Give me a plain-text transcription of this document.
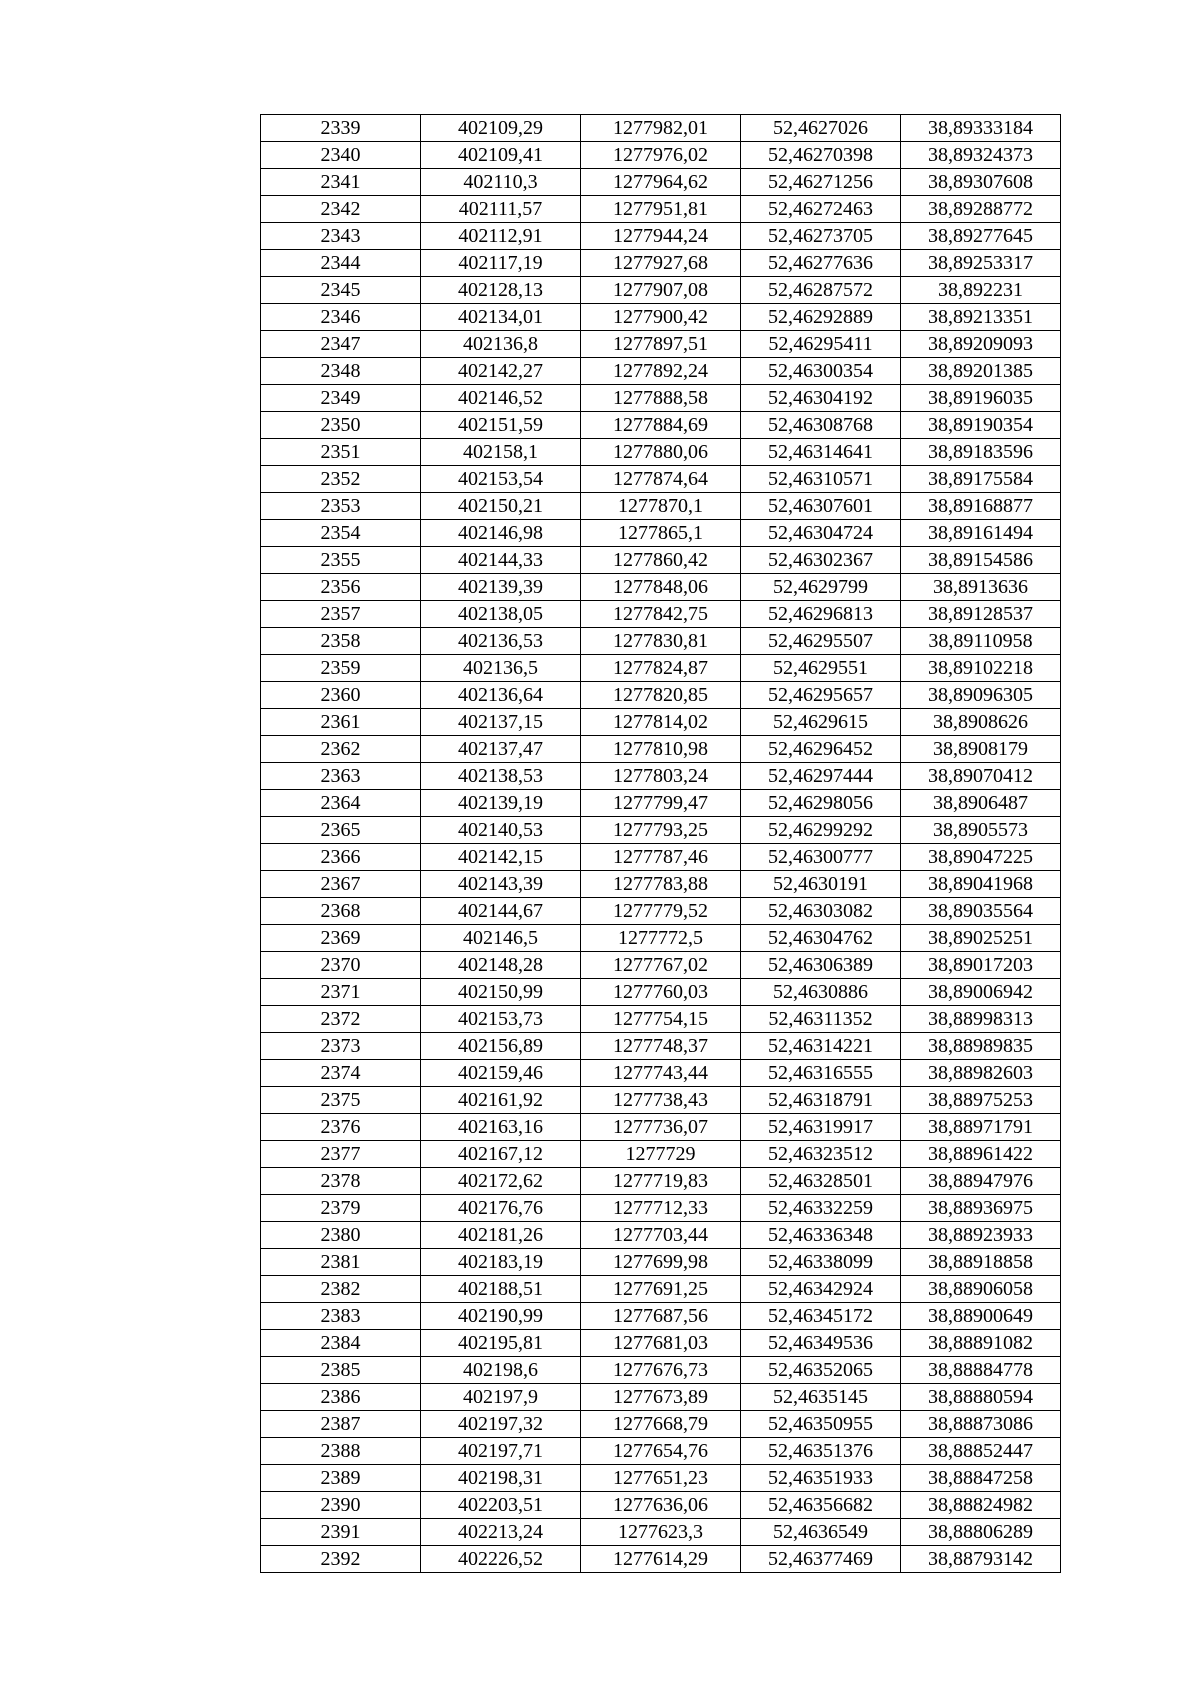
2339	402109,29	1277982,01	52,4627026	38,89333184
2340	402109,41	1277976,02	52,46270398	38,89324373
2341	402110,3	1277964,62	52,46271256	38,89307608
2342	402111,57	1277951,81	52,46272463	38,89288772
2343	402112,91	1277944,24	52,46273705	38,89277645
2344	402117,19	1277927,68	52,46277636	38,89253317
2345	402128,13	1277907,08	52,46287572	38,892231
2346	402134,01	1277900,42	52,46292889	38,89213351
2347	402136,8	1277897,51	52,46295411	38,89209093
2348	402142,27	1277892,24	52,46300354	38,89201385
2349	402146,52	1277888,58	52,46304192	38,89196035
2350	402151,59	1277884,69	52,46308768	38,89190354
2351	402158,1	1277880,06	52,46314641	38,89183596
2352	402153,54	1277874,64	52,46310571	38,89175584
2353	402150,21	1277870,1	52,46307601	38,89168877
2354	402146,98	1277865,1	52,46304724	38,89161494
2355	402144,33	1277860,42	52,46302367	38,89154586
2356	402139,39	1277848,06	52,4629799	38,8913636
2357	402138,05	1277842,75	52,46296813	38,89128537
2358	402136,53	1277830,81	52,46295507	38,89110958
2359	402136,5	1277824,87	52,4629551	38,89102218
2360	402136,64	1277820,85	52,46295657	38,89096305
2361	402137,15	1277814,02	52,4629615	38,8908626
2362	402137,47	1277810,98	52,46296452	38,8908179
2363	402138,53	1277803,24	52,46297444	38,89070412
2364	402139,19	1277799,47	52,46298056	38,8906487
2365	402140,53	1277793,25	52,46299292	38,8905573
2366	402142,15	1277787,46	52,46300777	38,89047225
2367	402143,39	1277783,88	52,4630191	38,89041968
2368	402144,67	1277779,52	52,46303082	38,89035564
2369	402146,5	1277772,5	52,46304762	38,89025251
2370	402148,28	1277767,02	52,46306389	38,89017203
2371	402150,99	1277760,03	52,4630886	38,89006942
2372	402153,73	1277754,15	52,46311352	38,88998313
2373	402156,89	1277748,37	52,46314221	38,88989835
2374	402159,46	1277743,44	52,46316555	38,88982603
2375	402161,92	1277738,43	52,46318791	38,88975253
2376	402163,16	1277736,07	52,46319917	38,88971791
2377	402167,12	1277729	52,46323512	38,88961422
2378	402172,62	1277719,83	52,46328501	38,88947976
2379	402176,76	1277712,33	52,46332259	38,88936975
2380	402181,26	1277703,44	52,46336348	38,88923933
2381	402183,19	1277699,98	52,46338099	38,88918858
2382	402188,51	1277691,25	52,46342924	38,88906058
2383	402190,99	1277687,56	52,46345172	38,88900649
2384	402195,81	1277681,03	52,46349536	38,88891082
2385	402198,6	1277676,73	52,46352065	38,88884778
2386	402197,9	1277673,89	52,4635145	38,88880594
2387	402197,32	1277668,79	52,46350955	38,88873086
2388	402197,71	1277654,76	52,46351376	38,88852447
2389	402198,31	1277651,23	52,46351933	38,88847258
2390	402203,51	1277636,06	52,46356682	38,88824982
2391	402213,24	1277623,3	52,4636549	38,88806289
2392	402226,52	1277614,29	52,46377469	38,88793142
